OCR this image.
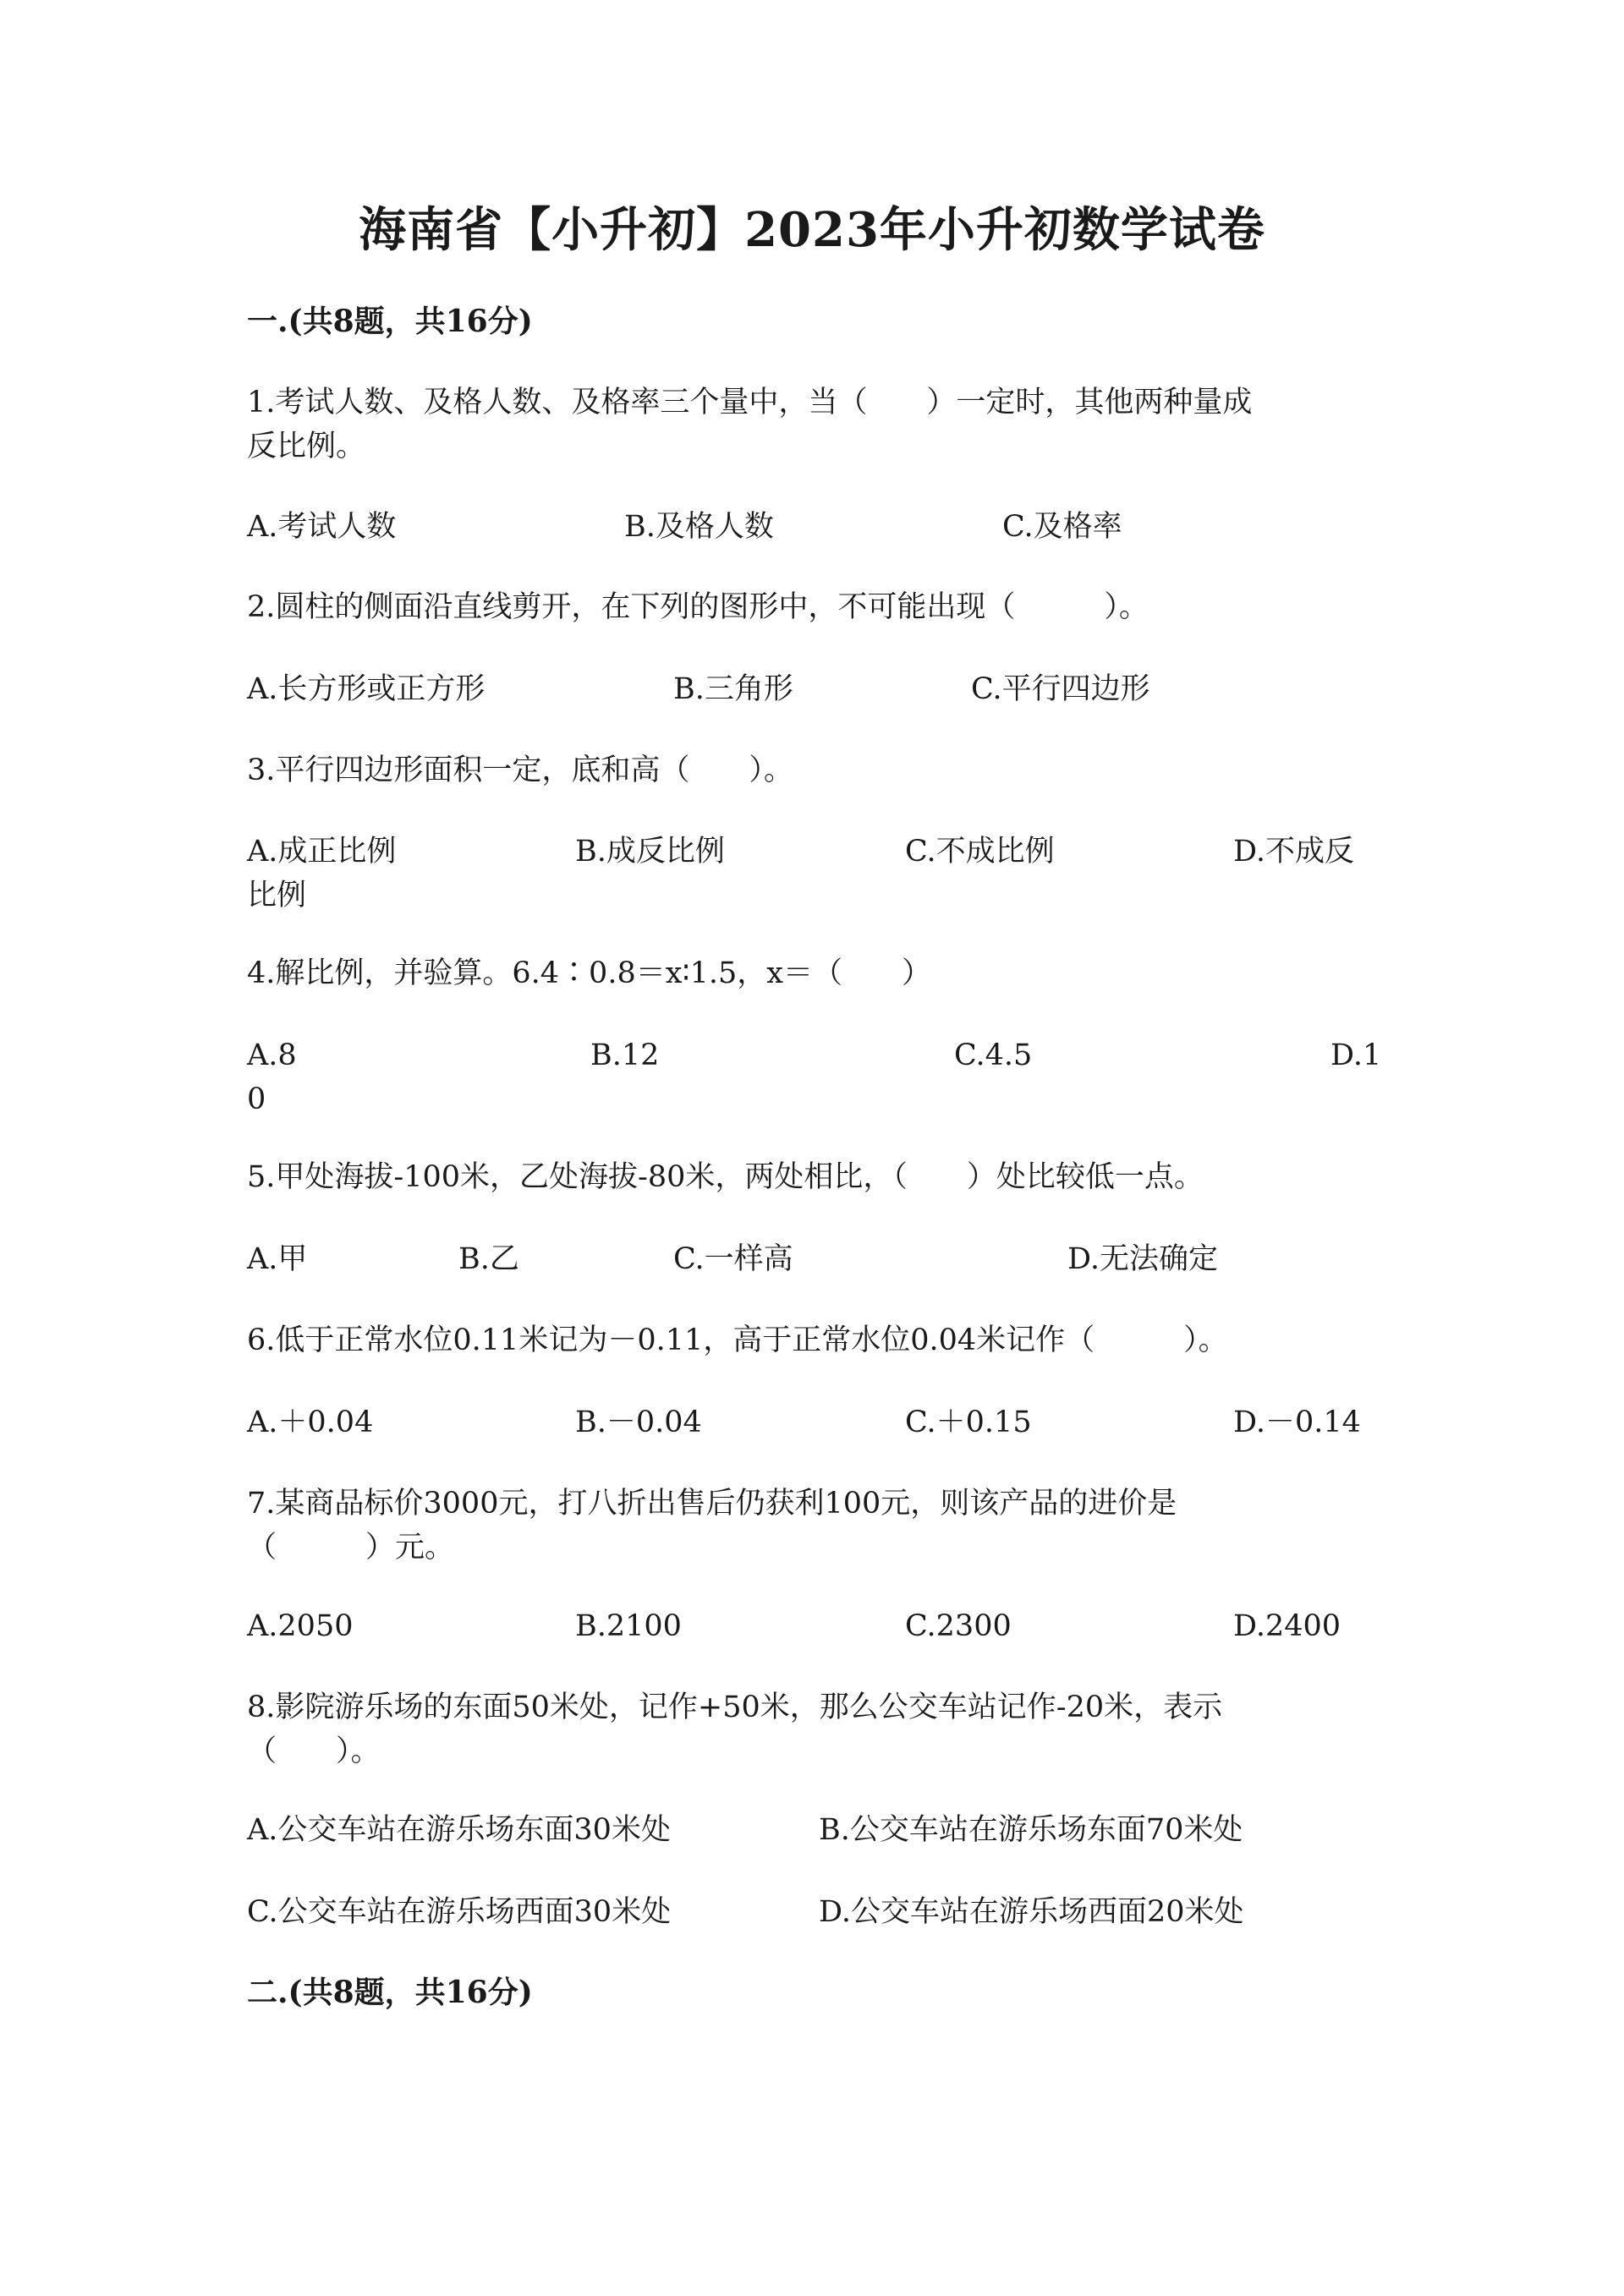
海南省【小升初】2023年小升初数学试卷
一.(共8题，共16分)
1.考试人数、及格人数、及格率三个量中，当（　　）一定时，其他两种量成
反比例。
A.考试人数	B.及格人数	C.及格率
2.圆柱的侧面沿直线剪开，在下列的图形中，不可能出现（　　　）。
A.长方形或正方形	B.三角形	C.平行四边形
3.平行四边形面积一定，底和高（　　）。
A.成正比例	B.成反比例	C.不成比例	D.不成反
比例
4.解比例，并验算。6.4∶0.8＝x∶1.5，x＝（　　）
A.8	B.12	C.4.5	D.1
0
5.甲处海拔-100米，乙处海拔-80米，两处相比，（　　）处比较低一点。
A.甲	B.乙	C.一样高	D.无法确定
6.低于正常水位0.11米记为－0.11，高于正常水位0.04米记作（　　　）。
A.＋0.04	B.－0.04	C.＋0.15	D.－0.14
7.某商品标价3000元，打八折出售后仍获利100元，则该产品的进价是
（　　　）元。
A.2050	B.2100	C.2300	D.2400
8.影院游乐场的东面50米处，记作+50米，那么公交车站记作-20米，表示
（　　）。
A.公交车站在游乐场东面30米处	B.公交车站在游乐场东面70米处
C.公交车站在游乐场西面30米处	D.公交车站在游乐场西面20米处
二.(共8题，共16分)
